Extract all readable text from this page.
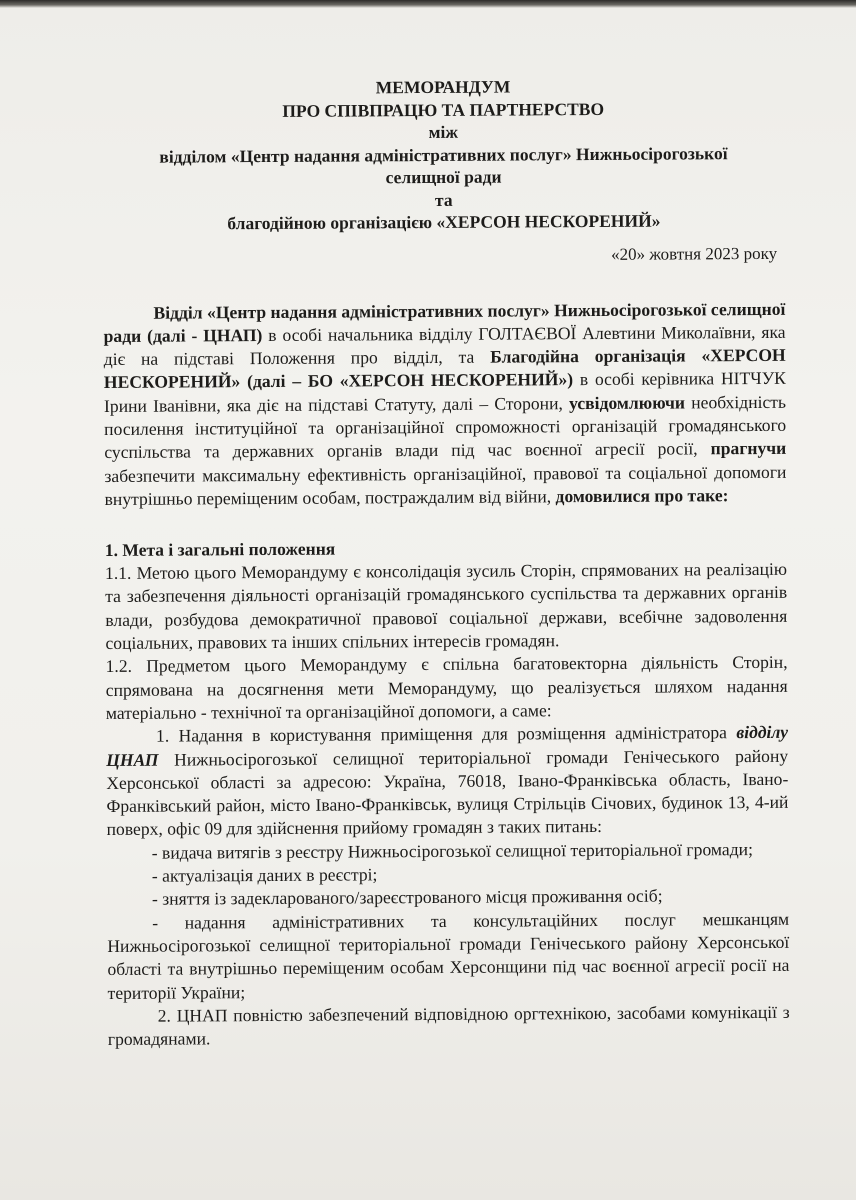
МЕМОРАНДУМ
ПРО СПІВПРАЦЮ ТА ПАРТНЕРСТВО
між
відділом «Центр надання адміністративних послуг» Нижньосірогозької
селищної ради
та
благодійною організацією «ХЕРСОН НЕСКОРЕНИЙ»
«20» жовтня 2023 року

Відділ «Центр надання адміністративних послуг» Нижньосірогозької селищної ради (далі - ЦНАП) в особі начальника відділу ГОЛТАЄВОЇ Алевтини Миколаївни, яка діє на підставі Положення про відділ, та Благодійна організація «ХЕРСОН НЕСКОРЕНИЙ» (далі – БО «ХЕРСОН НЕСКОРЕНИЙ») в особі керівника НІТЧУК Ірини Іванівни, яка діє на підставі Статуту, далі – Сторони, усвідомлюючи необхідність посилення інституційної та організаційної спроможності організацій громадянського суспільства та державних органів влади під час воєнної агресії росії, прагнучи забезпечити максимальну ефективність організаційної, правової та соціальної допомоги внутрішньо переміщеним особам, постраждалим від війни, домовилися про таке:

1. Мета і загальні положення

1.1. Метою цього Меморандуму є консолідація зусиль Сторін, спрямованих на реалізацію та забезпечення діяльності організацій громадянського суспільства та державних органів влади, розбудова демократичної правової соціальної держави, всебічне задоволення соціальних, правових та інших спільних інтересів громадян.

1.2. Предметом цього Меморандуму є спільна багатовекторна діяльність Сторін, спрямована на досягнення мети Меморандуму, що реалізується шляхом надання матеріально - технічної та організаційної допомоги, а саме:

1. Надання в користування приміщення для розміщення адміністратора відділу ЦНАП Нижньосірогозької селищної територіальної громади Генічеського району Херсонської області за адресою: Україна, 76018, Івано-Франківська область, Івано-Франківський район, місто Івано-Франківськ, вулиця Стрільців Січових, будинок 13, 4-ий поверх, офіс 09 для здійснення прийому громадян з таких питань:

- видача витягів з реєстру Нижньосірогозької селищної територіальної громади;

- актуалізація даних в реєстрі;

- зняття із задекларованого/зареєстрованого місця проживання осіб;

- надання адміністративних та консультаційних послуг мешканцям Нижньосірогозької селищної територіальної громади Генічеського району Херсонської області та внутрішньо переміщеним особам Херсонщини під час воєнної агресії росії на території України;

2. ЦНАП повністю забезпечений відповідною оргтехнікою, засобами комунікації з громадянами.
